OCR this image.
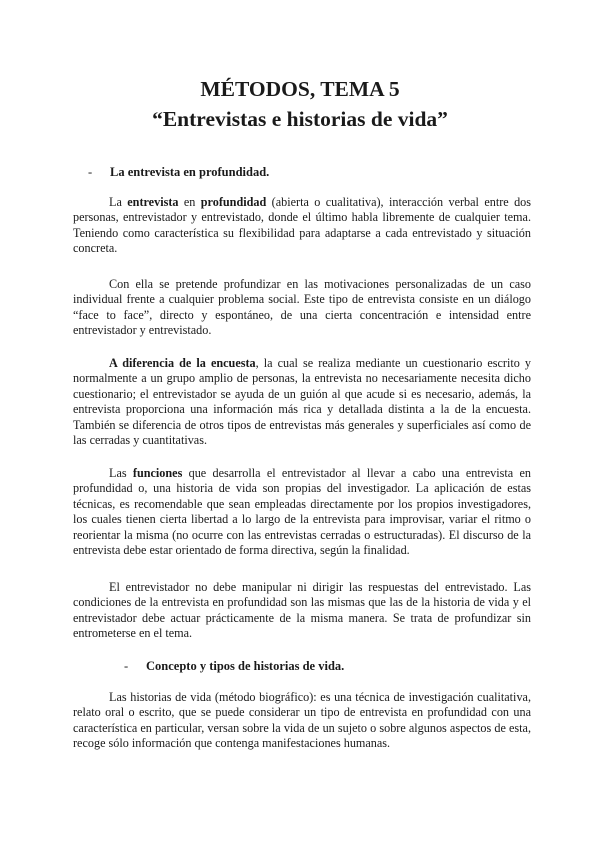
MÉTODOS, TEMA 5

“Entrevistas e historias de vida”

- La entrevista en profundidad.

La entrevista en profundidad (abierta o cualitativa), interacción verbal entre dos personas, entrevistador y entrevistado, donde el último habla libremente de cualquier tema. Teniendo como característica su flexibilidad para adaptarse a cada entrevistado y situación concreta.

Con ella se pretende profundizar en las motivaciones personalizadas de un caso individual frente a cualquier problema social. Este tipo de entrevista consiste en un diálogo “face to face”, directo y espontáneo, de una cierta concentración e intensidad entre entrevistador y entrevistado.

A diferencia de la encuesta, la cual se realiza mediante un cuestionario escrito y normalmente a un grupo amplio de personas, la entrevista no necesariamente necesita dicho cuestionario; el entrevistador se ayuda de un guión al que acude si es necesario, además, la entrevista proporciona una información más rica y detallada distinta a la de la encuesta. También se diferencia de otros tipos de entrevistas más generales y superficiales así como de las cerradas y cuantitativas.

Las funciones que desarrolla el entrevistador al llevar a cabo una entrevista en profundidad o, una historia de vida son propias del investigador. La aplicación de estas técnicas, es recomendable que sean empleadas directamente por los propios investigadores, los cuales tienen cierta libertad a lo largo de la entrevista para improvisar, variar el ritmo o reorientar la misma (no ocurre con las entrevistas cerradas o estructuradas). El discurso de la entrevista debe estar orientado de forma directiva, según la finalidad.

El entrevistador no debe manipular ni dirigir las respuestas del entrevistado. Las condiciones de la entrevista en profundidad son las mismas que las de la historia de vida y el entrevistador debe actuar prácticamente de la misma manera. Se trata de profundizar sin entrometerse en el tema.

- Concepto y tipos de historias de vida.

Las historias de vida (método biográfico): es una técnica de investigación cualitativa, relato oral o escrito, que se puede considerar un tipo de entrevista en profundidad con una característica en particular, versan sobre la vida de un sujeto o sobre algunos aspectos de esta, recoge sólo información que contenga manifestaciones humanas.
